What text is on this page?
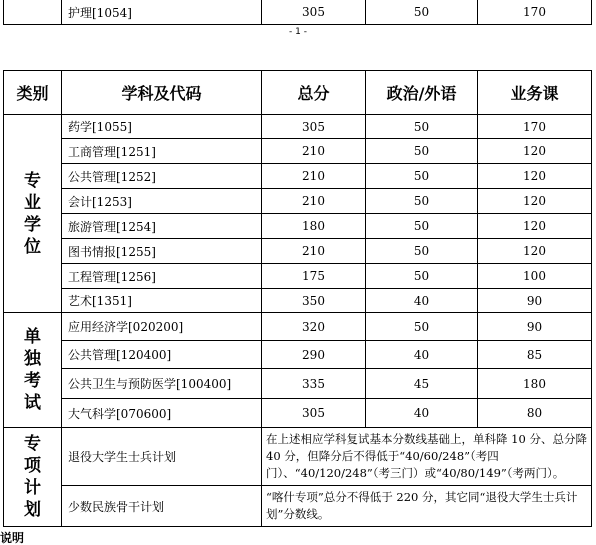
	护理[1054]	305	50	170
- 1 -
类别	学科及代码	总分	政治/外语	业务课
专业学位	药学[1055]	305	50	170
	工商管理[1251]	210	50	120
	公共管理[1252]	210	50	120
	会计[1253]	210	50	120
	旅游管理[1254]	180	50	120
	图书情报[1255]	210	50	120
	工程管理[1256]	175	50	100
	艺术[1351]	350	40	90
单独考试	应用经济学[020200]	320	50	90
	公共管理[120400]	290	40	85
	公共卫生与预防医学[100400]	335	45	180
	大气科学[070600]	305	40	80
专项计划	退役大学生士兵计划	在上述相应学科复试基本分数线基础上，单科降 10 分、总分降 40 分，但降分后不得低于“40/60/248”（考四门）、“40/120/248”（考三门）或“40/80/149”（考两门）。		
	少数民族骨干计划	“喀什专项”总分不得低于 220 分，其它同“退役大学生士兵计划”分数线。		
说明
